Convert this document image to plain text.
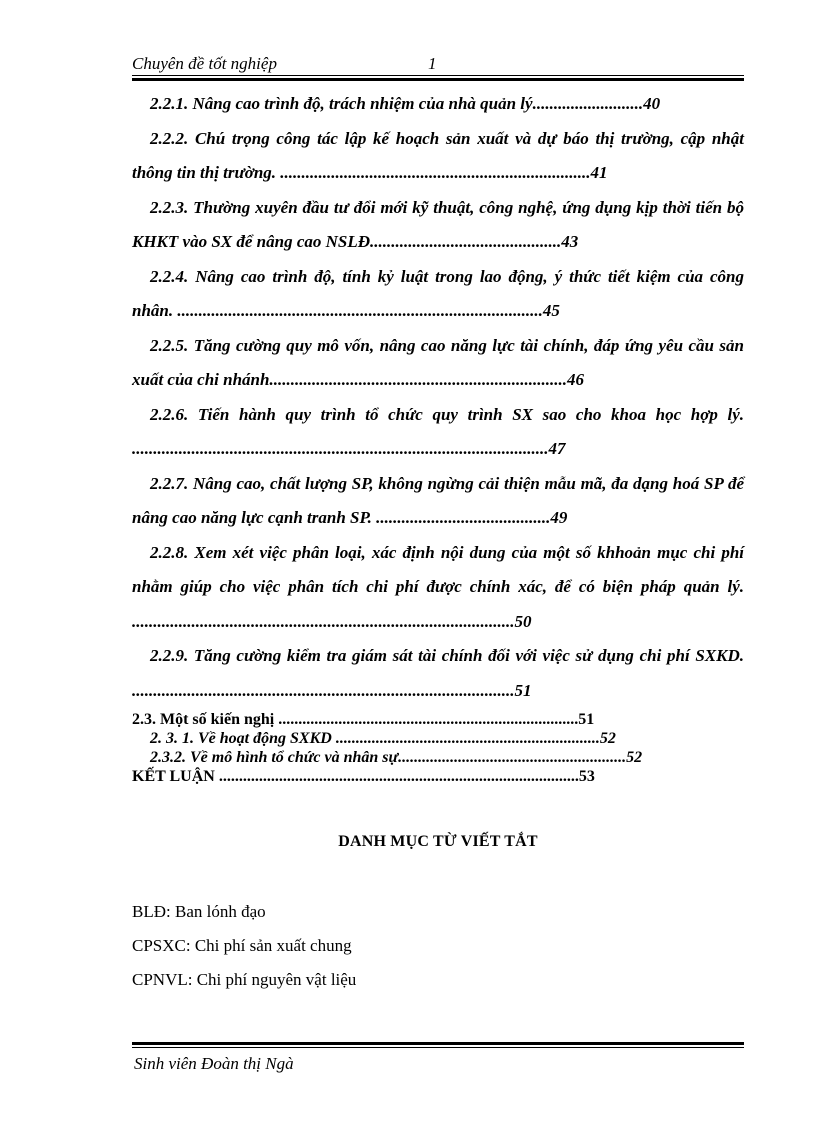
Chuyên đề tốt nghiệp	1

2.2.1. Nâng cao trình độ, trách nhiệm của nhà quản lý..........................40

2.2.2. Chú trọng công tác lập kế hoạch sản xuất và dự báo thị trường, cập nhật thông tin thị trường. .........................................................................41

2.2.3. Thường xuyên đầu tư đổi mới kỹ thuật, công nghệ, ứng dụng kịp thời tiến bộ KHKT vào SX để nâng cao NSLĐ.............................................43

2.2.4. Nâng cao trình độ, tính kỷ luật trong lao động, ý thức tiết kiệm của công nhân. ......................................................................................45

2.2.5. Tăng cường quy mô vốn, nâng cao năng lực tài chính, đáp ứng yêu cầu sản xuất của chi nhánh......................................................................46

2.2.6. Tiến hành quy trình tổ chức quy trình SX sao cho khoa học hợp lý. ..................................................................................................47

2.2.7. Nâng cao, chất lượng SP, không ngừng cải thiện mẫu mã, đa dạng hoá SP để nâng cao năng lực cạnh tranh SP. .........................................49

2.2.8. Xem xét việc phân loại, xác định nội dung của một số khhoản mục chi phí nhằm giúp cho việc phân tích chi phí được chính xác, để có biện pháp quản lý. ..........................................................................................50

2.2.9. Tăng cường kiểm tra giám sát tài chính đối với việc sử dụng chi phí SXKD. ..........................................................................................51

2.3. Một số kiến nghị ...........................................................................51

2. 3. 1. Về hoạt động SXKD ..................................................................52

2.3.2. Về mô hình tổ chức và nhân sự.........................................................52

KẾT LUẬN ..........................................................................................53

DANH MỤC TỪ VIẾT TẮT
BLĐ: Ban lónh đạo
CPSXC: Chi phí sản xuất chung
CPNVL: Chi phí nguyên vật liệu
Sinh viên Đoàn thị Ngà
